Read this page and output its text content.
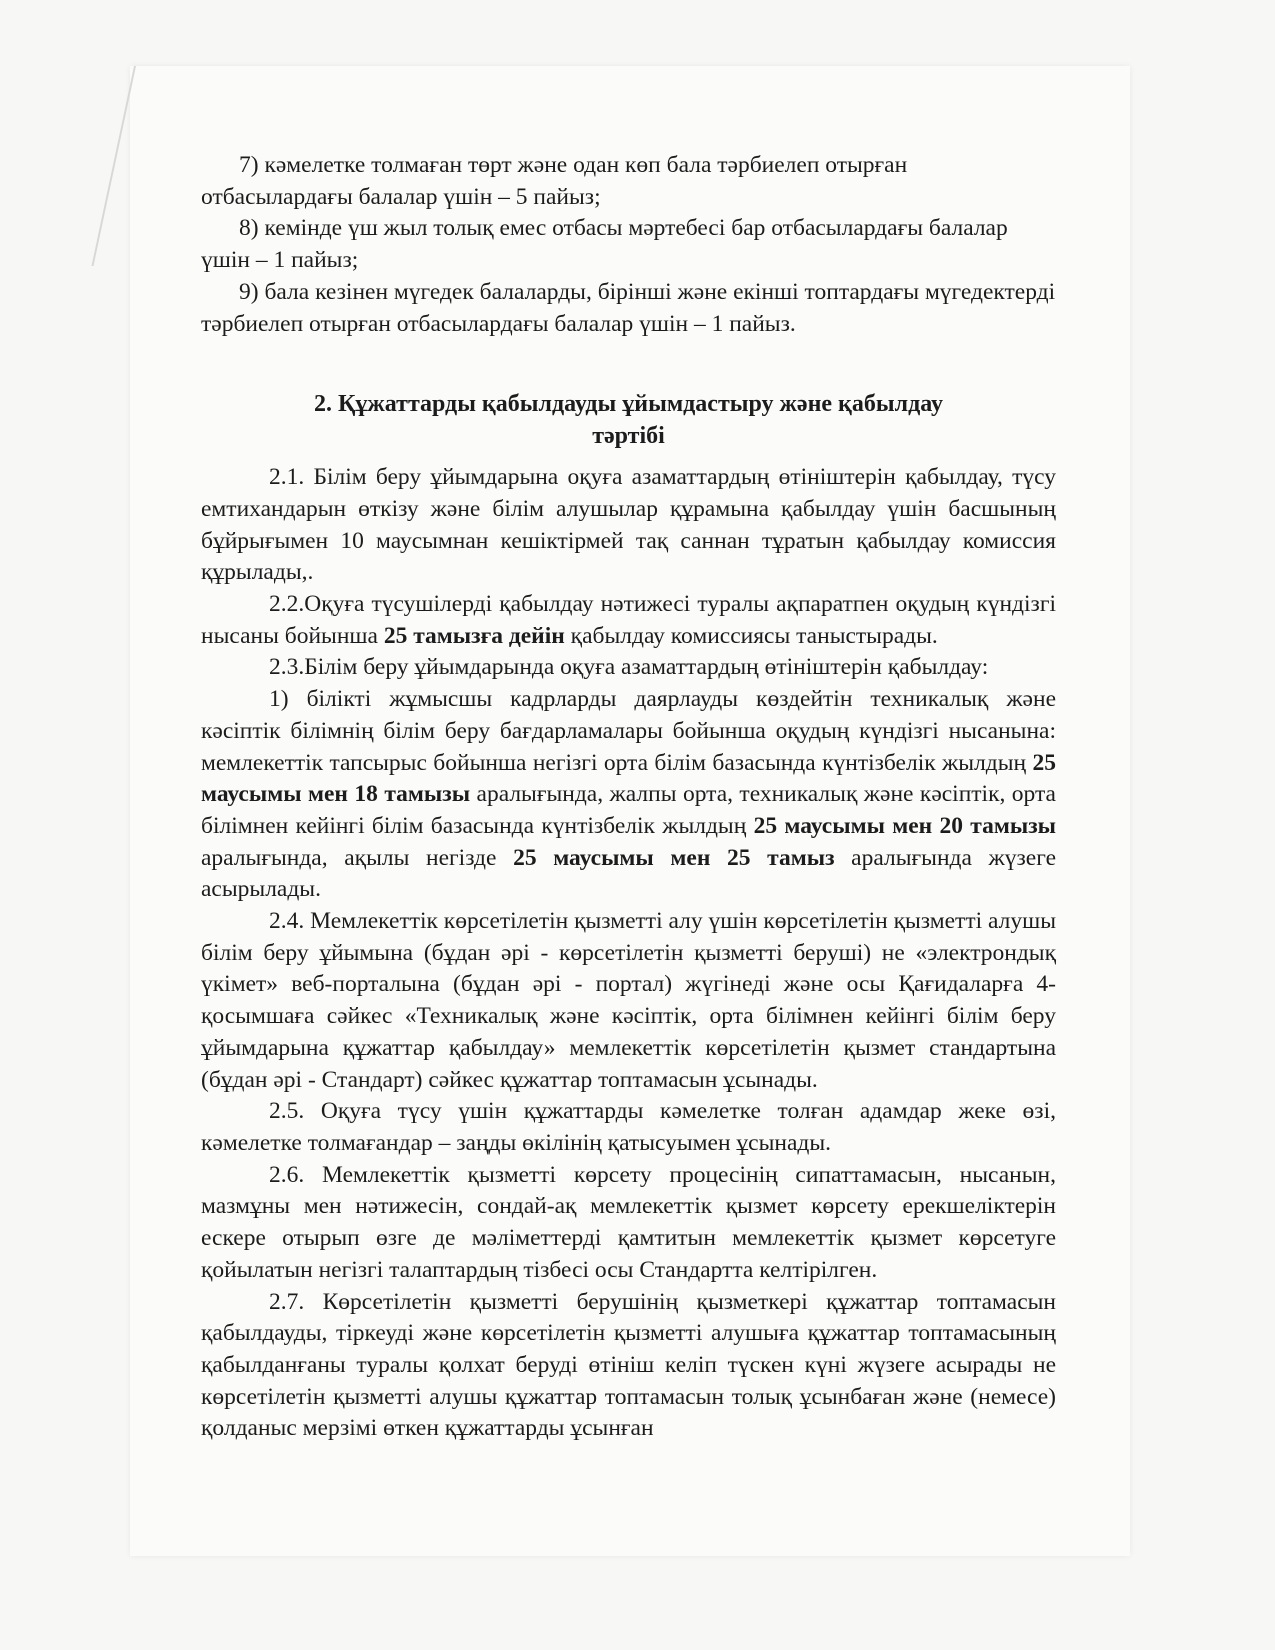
7) кәмелетке толмаған төрт және одан көп бала тәрбиелеп отырған отбасылардағы балалар үшін – 5 пайыз;

8) кемінде үш жыл толық емес отбасы мәртебесі бар отбасылардағы балалар үшін – 1 пайыз;

9) бала кезінен мүгедек балаларды, бірінші және екінші топтардағы мүгедектерді тәрбиелеп отырған отбасылардағы балалар үшін – 1 пайыз.

2. Құжаттарды қабылдауды ұйымдастыру және қабылдау
тәртібі

2.1. Білім беру ұйымдарына оқуға азаматтардың өтініштерін қабылдау, түсу емтихандарын өткізу және білім алушылар құрамына қабылдау үшін басшының бұйрығымен 10 маусымнан кешіктірмей тақ саннан тұратын қабылдау комиссия құрылады,.

2.2.Оқуға түсушілерді қабылдау нәтижесі туралы ақпаратпен оқудың күндізгі нысаны бойынша 25 тамызға дейін қабылдау комиссиясы таныстырады.

2.3.Білім беру ұйымдарында оқуға азаматтардың өтініштерін қабылдау:

1) білікті жұмысшы кадрларды даярлауды көздейтін техникалық және кәсіптік білімнің білім беру бағдарламалары бойынша оқудың күндізгі нысанына: мемлекеттік тапсырыс бойынша негізгі орта білім базасында күнтізбелік жылдың 25 маусымы мен 18 тамызы аралығында, жалпы орта, техникалық және кәсіптік, орта білімнен кейінгі білім базасында күнтізбелік жылдың 25 маусымы мен 20 тамызы аралығында, ақылы негізде 25 маусымы мен 25 тамыз аралығында жүзеге асырылады.

2.4. Мемлекеттік көрсетілетін қызметті алу үшін көрсетілетін қызметті алушы білім беру ұйымына (бұдан әрі - көрсетілетін қызметті беруші) не «электрондық үкімет» веб-порталына (бұдан әрі - портал) жүгінеді және осы Қағидаларға 4-қосымшаға сәйкес «Техникалық және кәсіптік, орта білімнен кейінгі білім беру ұйымдарына құжаттар қабылдау» мемлекеттік көрсетілетін қызмет стандартына (бұдан әрі - Стандарт) сәйкес құжаттар топтамасын ұсынады.

2.5. Оқуға түсу үшін құжаттарды кәмелетке толған адамдар жеке өзі, кәмелетке толмағандар – заңды өкілінің қатысуымен ұсынады.

2.6. Мемлекеттік қызметті көрсету процесінің сипаттамасын, нысанын, мазмұны мен нәтижесін, сондай-ақ мемлекеттік қызмет көрсету ерекшеліктерін ескере отырып өзге де мәліметтерді қамтитын мемлекеттік қызмет көрсетуге қойылатын негізгі талаптардың тізбесі осы Стандартта келтірілген.

2.7. Көрсетілетін қызметті берушінің қызметкері құжаттар топтамасын қабылдауды, тіркеуді және көрсетілетін қызметті алушыға құжаттар топтамасының қабылданғаны туралы қолхат беруді өтініш келіп түскен күні жүзеге асырады не көрсетілетін қызметті алушы құжаттар топтамасын толық ұсынбаған және (немесе) қолданыс мерзімі өткен құжаттарды ұсынған
